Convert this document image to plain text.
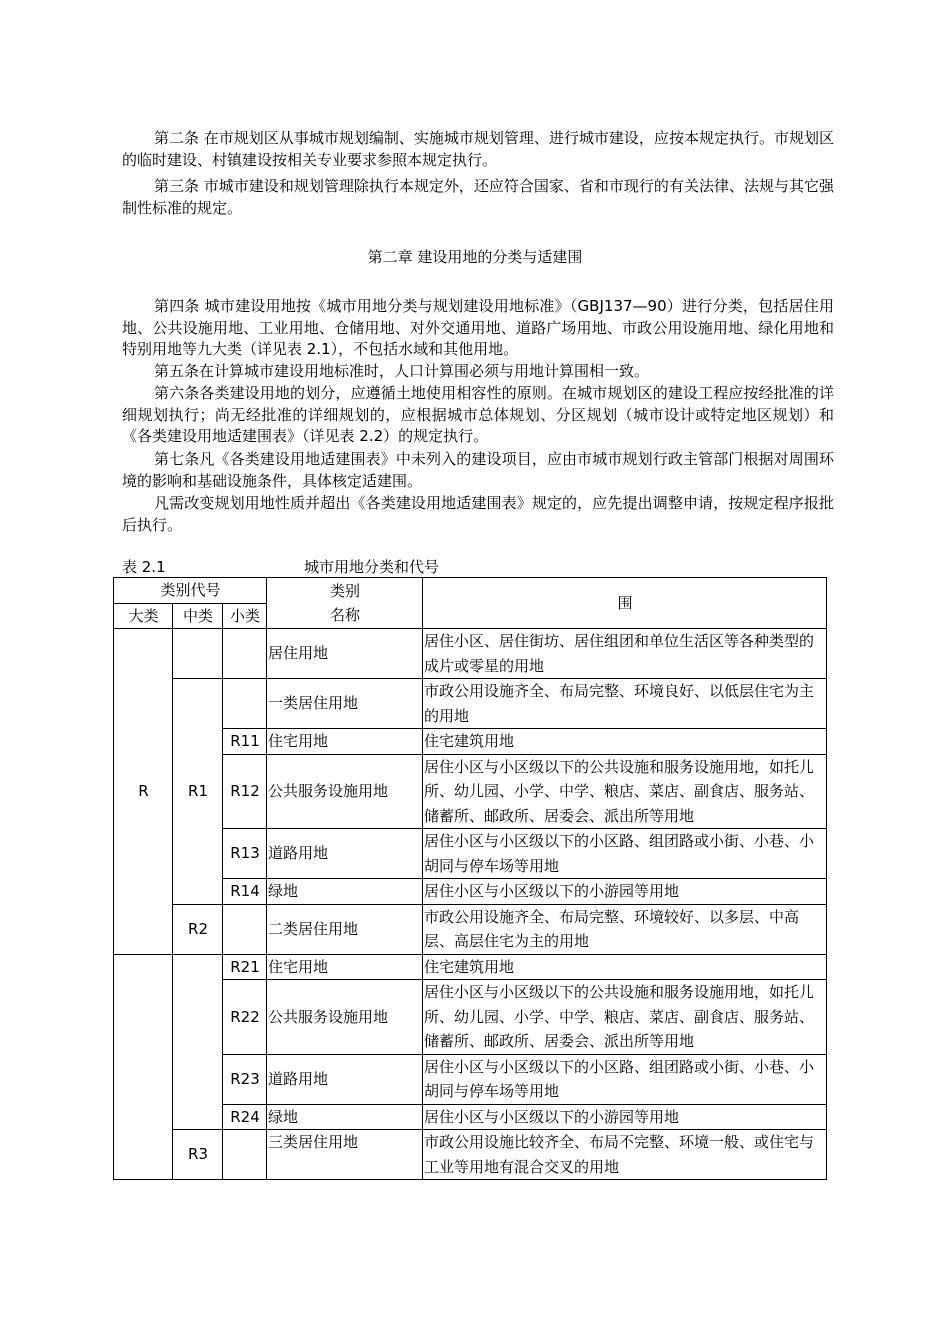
第二条 在市规划区从事城市规划编制、实施城市规划管理、进行城市建设，应按本规定执行。市规划区的临时建设、村镇建设按相关专业要求参照本规定执行。

第三条 市城市建设和规划管理除执行本规定外，还应符合国家、省和市现行的有关法律、法规与其它强制性标准的规定。

第二章 建设用地的分类与适建围

第四条 城市建设用地按《城市用地分类与规划建设用地标准》（GBJ137—90）进行分类，包括居住用地、公共设施用地、工业用地、仓储用地、对外交通用地、道路广场用地、市政公用设施用地、绿化用地和特别用地等九大类（详见表 2.1），不包括水域和其他用地。

第五条在计算城市建设用地标准时，人口计算围必须与用地计算围相一致。

第六条各类建设用地的划分，应遵循土地使用相容性的原则。在城市规划区的建设工程应按经批准的详细规划执行；尚无经批准的详细规划的，应根据城市总体规划、分区规划（城市设计或特定地区规划）和《各类建设用地适建围表》（详见表 2.2）的规定执行。

第七条凡《各类建设用地适建围表》中未列入的建设项目，应由市城市规划行政主管部门根据对周围环境的影响和基础设施条件，具体核定适建围。

凡需改变规划用地性质并超出《各类建设用地适建围表》规定的，应先提出调整申请，按规定程序报批后执行。

表 2.1	城市用地分类和代号
类别代号			类别
名称	围
大类	中类	小类		
R			居住用地	居住小区、居住街坊、居住组团和单位生活区等各种类型的成片或零星的用地
	R1		一类居住用地	市政公用设施齐全、布局完整、环境良好、以低层住宅为主的用地
		R11	住宅用地	住宅建筑用地
		R12	公共服务设施用地	居住小区与小区级以下的公共设施和服务设施用地，如托儿所、幼儿园、小学、中学、粮店、菜店、副食店、服务站、储蓄所、邮政所、居委会、派出所等用地
		R13	道路用地	居住小区与小区级以下的小区路、组团路或小街、小巷、小胡同与停车场等用地
		R14	绿地	居住小区与小区级以下的小游园等用地
	R2		二类居住用地	市政公用设施齐全、布局完整、环境较好、以多层、中高层、高层住宅为主的用地
		R21	住宅用地	住宅建筑用地
		R22	公共服务设施用地	居住小区与小区级以下的公共设施和服务设施用地，如托儿所、幼儿园、小学、中学、粮店、菜店、副食店、服务站、储蓄所、邮政所、居委会、派出所等用地
		R23	道路用地	居住小区与小区级以下的小区路、组团路或小街、小巷、小胡同与停车场等用地
		R24	绿地	居住小区与小区级以下的小游园等用地
	R3		三类居住用地	市政公用设施比较齐全、布局不完整、环境一般、或住宅与工业等用地有混合交叉的用地
